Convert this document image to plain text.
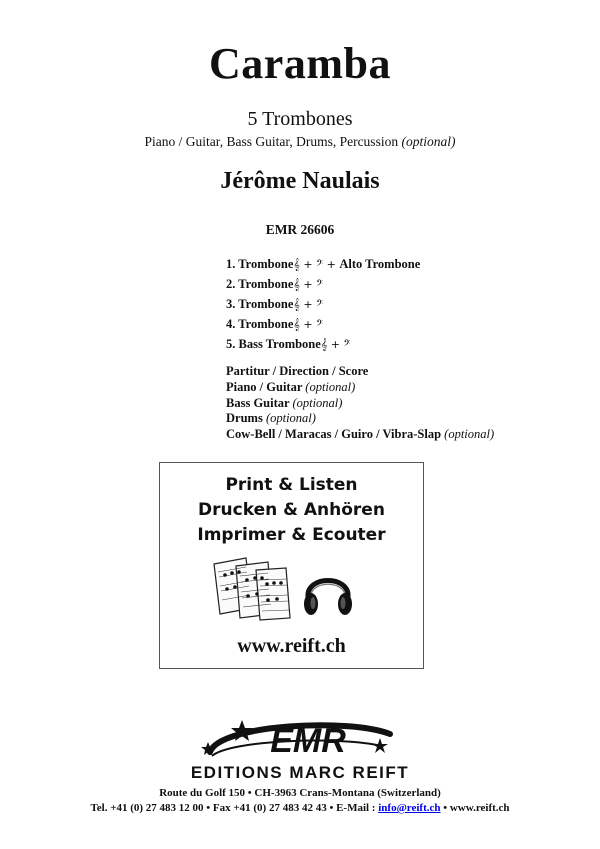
Caramba
5 Trombones
Piano / Guitar, Bass Guitar, Drums, Percussion (optional)
Jérôme Naulais
EMR 26606
1. Trombone𝄞 + 𝄢 + Alto Trombone
2. Trombone𝄞 + 𝄢
3. Trombone𝄞 + 𝄢
4. Trombone𝄞 + 𝄢
5. Bass Trombone𝄞 + 𝄢
Partitur / Direction / Score
Piano / Guitar (optional)
Bass Guitar (optional)
Drums (optional)
Cow-Bell / Maracas / Guiro / Vibra-Slap (optional)
Print & Listen
Drucken & Anhören
Imprimer & Ecouter
www.reift.ch
EMR
EDITIONS MARC REIFT
Route du Golf 150 • CH-3963 Crans-Montana (Switzerland)
Tel. +41 (0) 27 483 12 00 • Fax +41 (0) 27 483 42 43 • E-Mail : info@reift.ch • www.reift.ch
